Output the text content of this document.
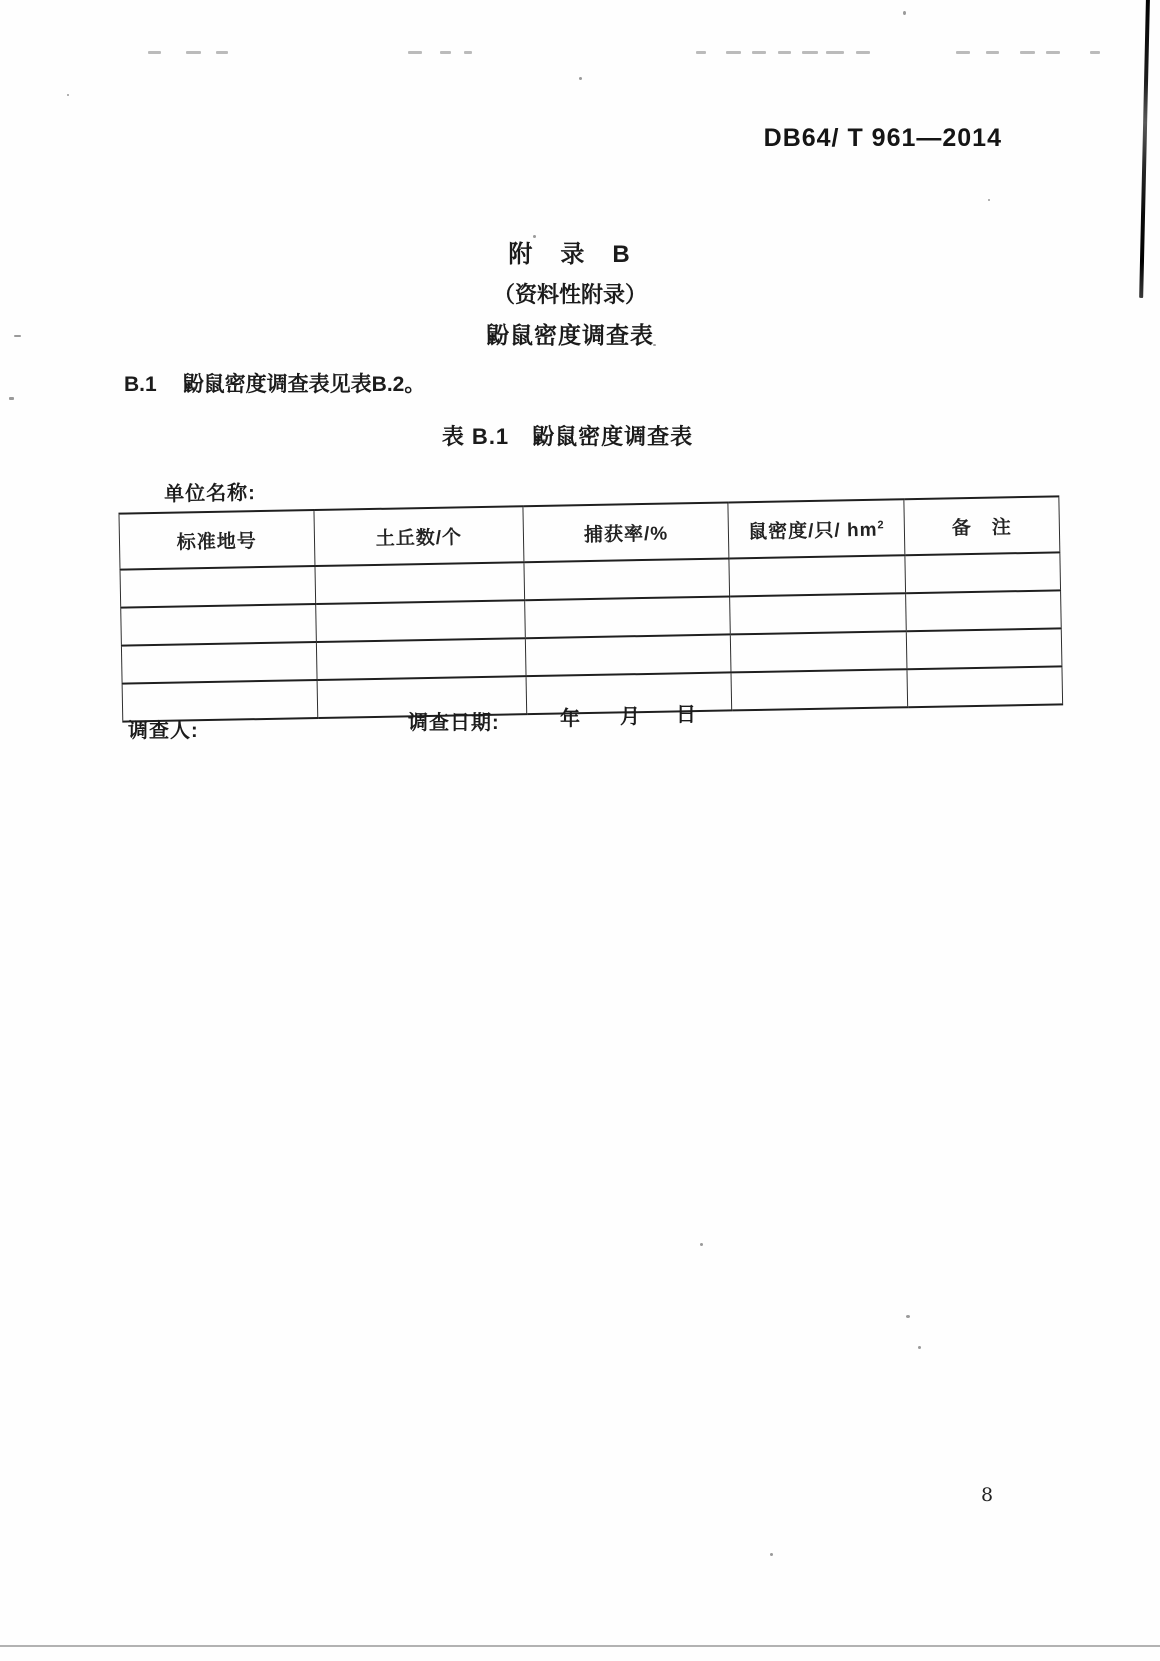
DB64/ T 961—2014
附　录　B
（资料性附录）
鼢鼠密度调查表
B.1 鼢鼠密度调查表见表B.2。
表 B.1　鼢鼠密度调查表
单位名称:
标准地号	土丘数/个	捕获率/%	鼠密度/只/ $hm^2$	备　注

调查人:	调查日期:	年 月 日
8
